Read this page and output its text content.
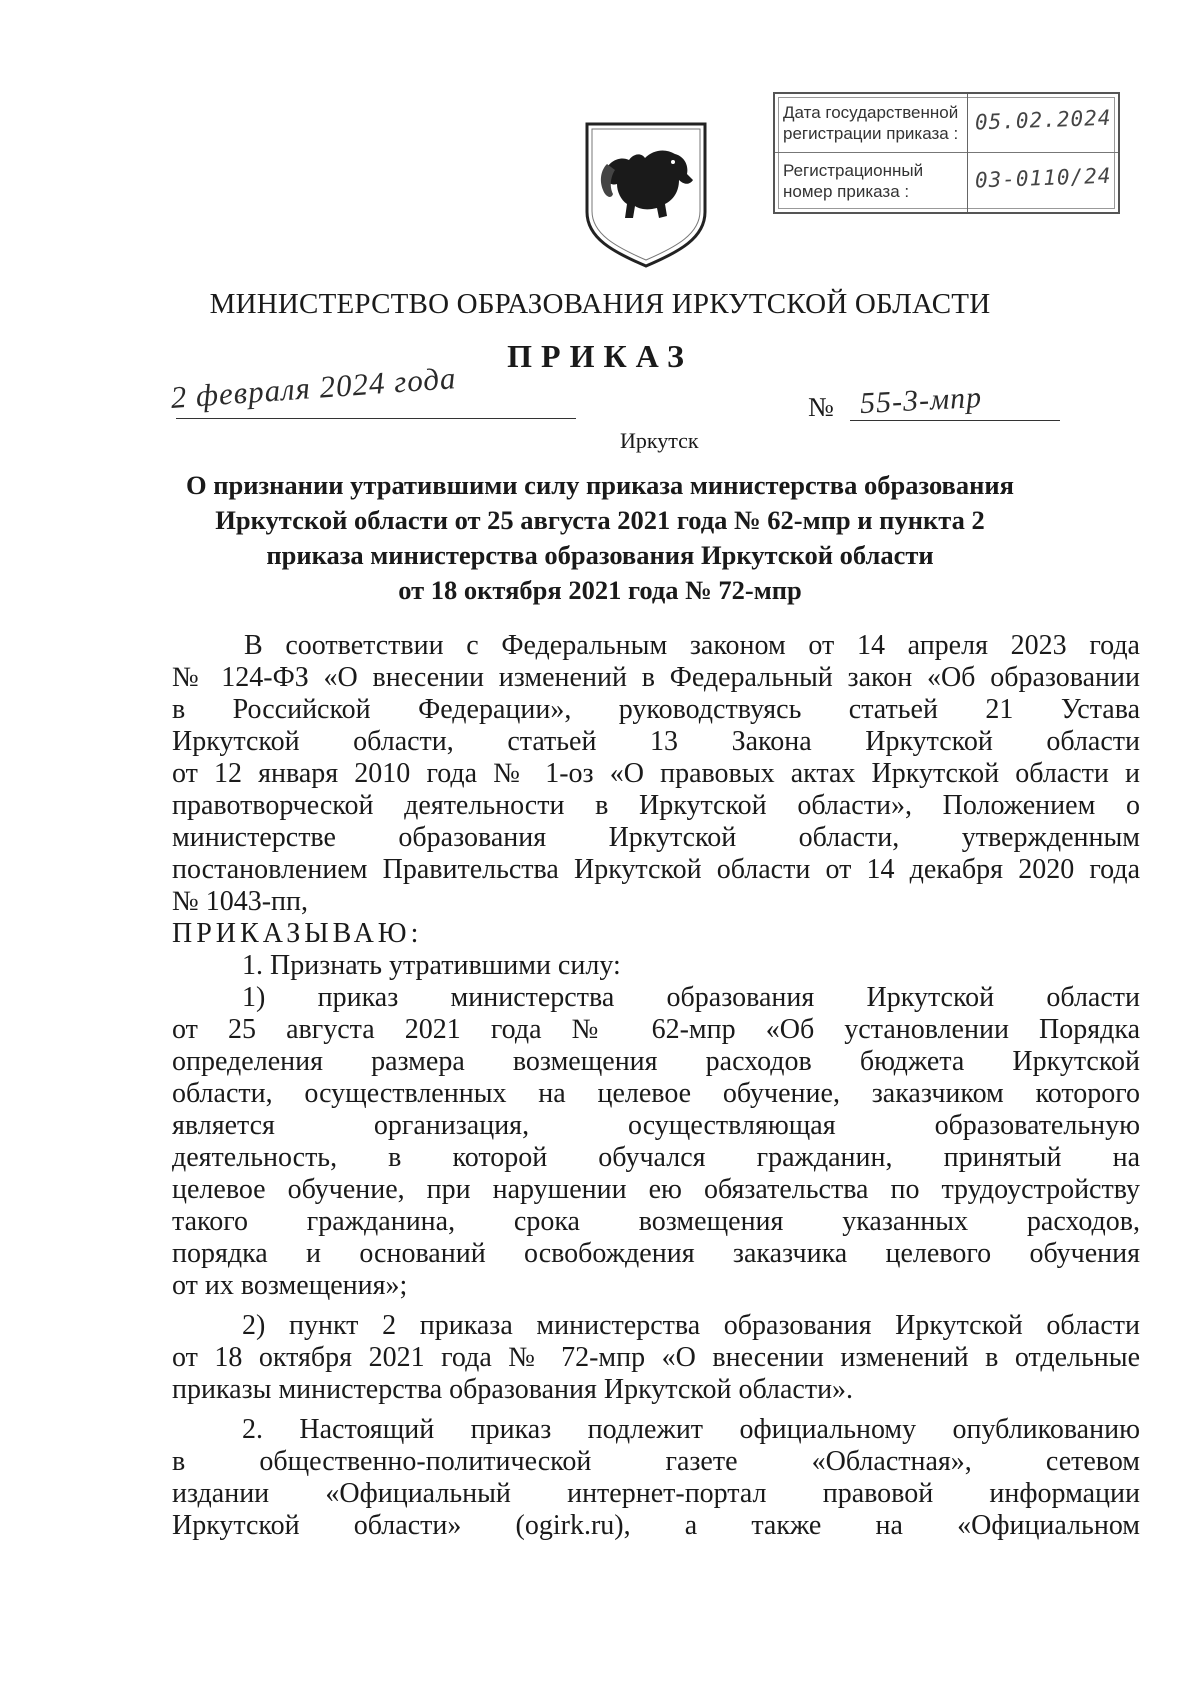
Дата государственной
регистрации приказа : 05.02.2024
Регистрационный
номер приказа :	03-0110/24
МИНИСТЕРСТВО ОБРАЗОВАНИЯ ИРКУТСКОЙ ОБЛАСТИ
ПРИКАЗ
2 февраля 2024 года	№ 55-3-мпр
Иркутск
О признании утратившими силу приказа министерства образования
Иркутской области от 25 августа 2021 года № 62-мпр и пункта 2
приказа министерства образования Иркутской области
от 18 октября 2021 года № 72-мпр
В соответствии с Федеральным законом от 14 апреля 2023 года
№ 124-ФЗ «О внесении изменений в Федеральный закон «Об образовании
в Российской Федерации», руководствуясь статьей 21 Устава
Иркутской области, статьей 13 Закона Иркутской области
от 12 января 2010 года № 1-оз «О правовых актах Иркутской области и
правотворческой деятельности в Иркутской области», Положением о
министерстве образования Иркутской области, утвержденным
постановлением Правительства Иркутской области от 14 декабря 2020 года
№ 1043-пп,
ПРИКАЗЫВАЮ:
1. Признать утратившими силу:
1) приказ министерства образования Иркутской области
от 25 августа 2021 года № 62-мпр «Об установлении Порядка
определения размера возмещения расходов бюджета Иркутской
области, осуществленных на целевое обучение, заказчиком которого
является организация, осуществляющая образовательную
деятельность, в которой обучался гражданин, принятый на
целевое обучение, при нарушении ею обязательства по трудоустройству
такого гражданина, срока возмещения указанных расходов,
порядка и оснований освобождения заказчика целевого обучения
от их возмещения»;
2) пункт 2 приказа министерства образования Иркутской области
от 18 октября 2021 года № 72-мпр «О внесении изменений в отдельные
приказы министерства образования Иркутской области».
2. Настоящий приказ подлежит официальному опубликованию
в общественно-политической газете «Областная», сетевом
издании «Официальный интернет-портал правовой информации
Иркутской области» (ogirk.ru), а также на «Официальном
